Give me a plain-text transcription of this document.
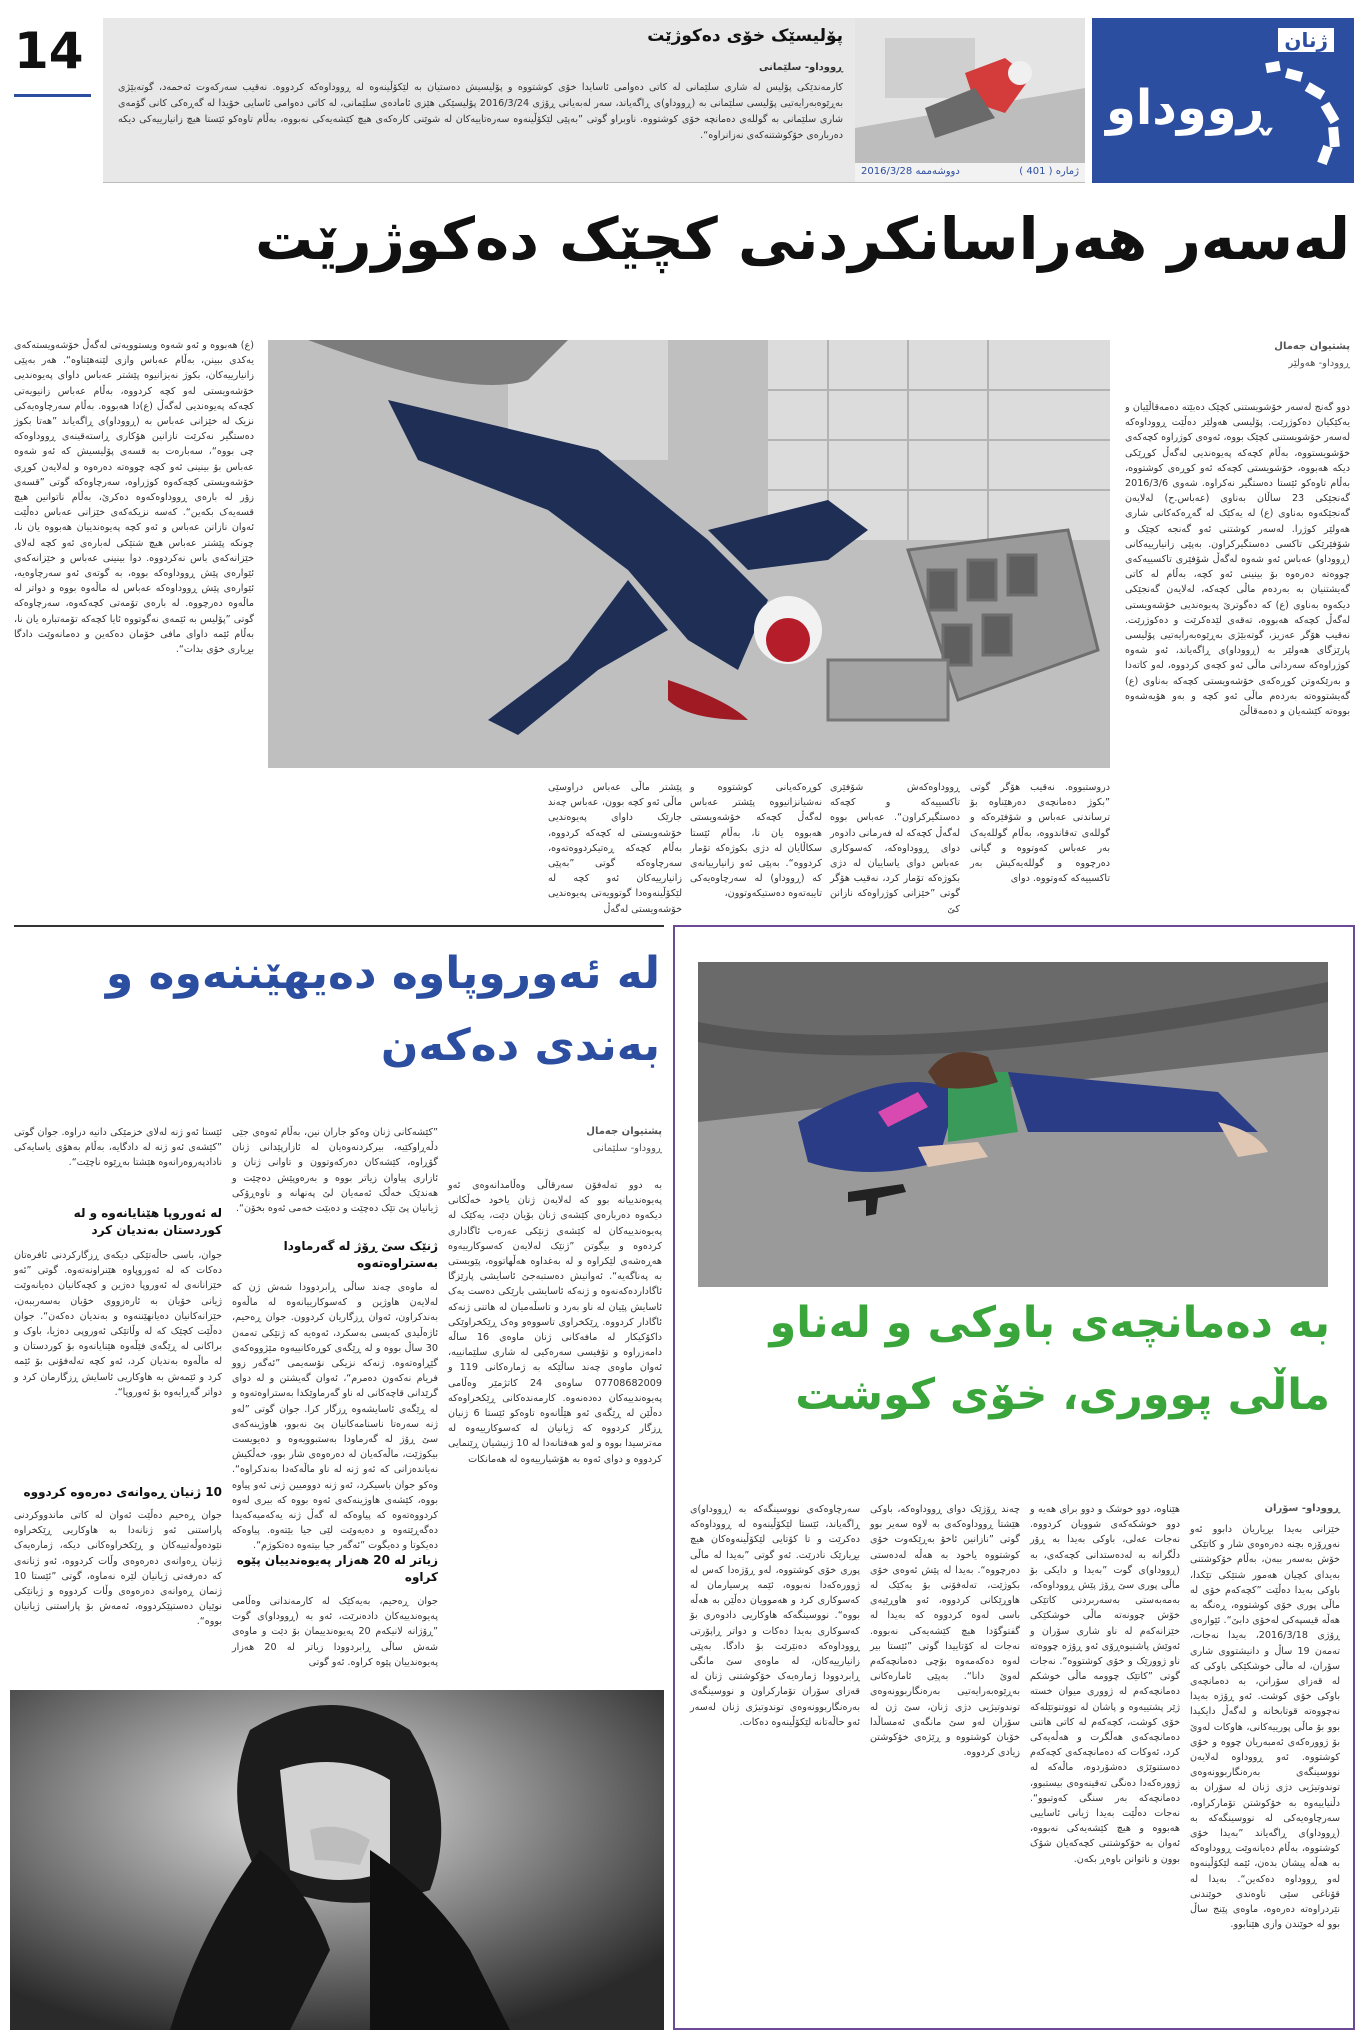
14	پۆلیسێک خۆی دەکوژێت
ڕووداو- سلێمانی
کارمەندێکی پۆلیس لە شاری سلێمانی لە کاتی دەوامی ئاسایدا خۆی کوشتووە و پۆلیسیش دەستیان بە لێکۆڵینەوە لە ڕووداوەکە کردووە. نەقیب سەرکەوت ئەحمەد، گوتەبێژی بەڕێوەبەرایەتیی پۆلیسی سلێمانی بە (ڕووداو)ی ڕاگەیاند، سەر لەبەیانی ڕۆژی 2016/3/24 پۆلیسێکی هێزی ئامادەی سلێمانی، لە کاتی دەوامی ئاسایی خۆیدا لە گەڕەکی کانی گۆمەی شاری سلێمانی بە گوللەی دەمانچە خۆی کوشتووە. ناوبراو گوتی ”بەپێی لێکۆڵینەوە سەرەتاییەکان لە شوێنی کارەکەی هیچ کێشەیەکی نەبووە، بەڵام تاوەکو ئێستا هیچ زانیارییەکی دیکە دەربارەی خۆکوشتنەکەی نەزانراوە“.
دووشەممە 2016/3/28	ژمارە ( 401 )
ژنان
ڕووداو
لەسەر هەراسانکردنی کچێک دەکوژرێت
پشتیوان جەمال
ڕووداو- هەولێر
دوو گەنج لەسەر خۆشویستنی کچێک دەبێتە دەمەقاڵێیان و یەکێکیان دەکوژرێت. پۆلیسی هەولێر دەڵێت ڕووداوەکە لەسەر خۆشویستنی کچێک بووە، ئەوەی کوژراوە کچەکەی خۆشویستووە، بەڵام کچەکە پەیوەندیی لەگەڵ کوڕێکی دیکە هەبووە، خۆشویستی کچەکە ئەو کوڕەی کوشتووە، بەڵام تاوەکو ئێستا دەستگیر نەکراوە. شەوی 2016/3/6 گەنجێکی 23 ساڵان بەناوی (عەباس.ح) لەلایەن گەنجێکەوە بەناوی (ع) لە یەکێک لە گەڕەکەکانی شاری هەولێر کوژرا. لەسەر کوشتنی ئەو گەنجە کچێک و شۆفێرێکی تاکسی دەستگیرکراون. بەپێی زانیارییەکانی (ڕووداو) عەباس ئەو شەوە لەگەڵ شۆفێری تاکسییەکەی چووەتە دەرەوە بۆ بینینی ئەو کچە، بەڵام لە کاتی گەیشتنیان بە بەردەم ماڵی کچەکە، لەلایەن گەنجێکی دیکەوە بەناوی (ع) کە دەگوترێ پەیوەندیی خۆشەویستی لەگەڵ کچەکە هەبووە، تەقەی لێدەکرێت و دەکوژرێت. نەقیب هۆگر عەزیز، گوتەبێژی بەڕێوەبەرایەتیی پۆلیسی پارێزگای هەولێر بە (ڕووداو)ی ڕاگەیاند، ئەو شەوە کوژراوەکە سەردانی ماڵی ئەو کچەی کردووە، لەو کاتەدا و بەرێکەوتن کوڕەکەی خۆشەویستی کچەکە بەناوی (ع) گەیشتووەتە بەردەم ماڵی ئەو کچە و بەو هۆیەشەوە بووەتە کێشەیان و دەمەقاڵێ
دروستبووە. نەقیب هۆگر گوتی ”بکوژ دەمانچەی دەرهێناوە بۆ ترساندنی عەباس و شۆفێرەکە و گوللەی تەقاندووە، بەڵام گوللەیەک بەر عەباس کەوتووە و گیانی دەرچووە و گوللەیەکیش بەر تاکسییەکە کەوتووە. دوای
ڕووداوەکەش شۆفێری تاکسییەکە و کچەکە دەستگیرکراون“. عەباس بووە لەگەڵ کچەکە لە فەرمانی دادوەر دوای ڕووداوەکە، کەسوکاری عەباس دوای یاساییان لە دژی بکوژەکە تۆمار کرد، نەقیب هۆگر گوتی ”خێزانی کوژراوەکە نازانن کێ
کوڕەکەیانی کوشتووە و نەشیانزانیووە پێشتر عەباس لەگەڵ کچەکە خۆشەویستی هەبووە یان نا، بەڵام ئێستا سکاڵایان لە دژی بکوژەکە تۆمار کردووە“. بەپێی ئەو زانیارییانەی کە (ڕووداو) لە سەرچاوەیەکی تایبەتەوە دەستیکەوتوون،
پێشتر ماڵی عەباس دراوسێی ماڵی ئەو کچە بوون، عەباس چەند جارێک داوای پەیوەندیی خۆشەویستی لە کچەکە کردووە، بەڵام کچەکە ڕەتیکردووەتەوە، سەرچاوەکە گوتی ”بەپێی زانیارییەکان ئەو کچە لە لێکۆڵینەوەدا گوتوویەتی پەیوەندیی خۆشەویستی لەگەڵ
(ع) هەبووە و ئەو شەوە ویستوویەتی لەگەڵ خۆشەویستەکەی یەکدی ببینن، بەڵام عەباس وازی لێنەهێناوە“. هەر بەپێی زانیارییەکان، بکوژ نەیزانیوە پێشتر عەباس داوای پەیوەندیی خۆشەویستی لەو کچە کردووە، بەڵام عەباس زانیویەتی کچەکە پەیوەندیی لەگەڵ (ع)دا هەبووە. بەڵام سەرچاوەیەکی نزیک لە خێزانی عەباس بە (ڕووداو)ی ڕاگەیاند ”هەتا بکوژ دەستگیر نەکرێت نازانین هۆکاری ڕاستەقینەی ڕووداوەکە چی بووە“، سەبارەت بە قسەی پۆلیسیش کە ئەو شەوە عەباس بۆ بینینی ئەو کچە چووەتە دەرەوە و لەلایەن کوڕی خۆشەویستی کچەکەوە کوژراوە، سەرچاوەکە گوتی ”قسەی زۆر لە بارەی ڕووداوەکەوە دەکرێ، بەڵام ناتوانین هیچ قسەیەک بکەین“. کەسە نزیکەکەی خێزانی عەباس دەڵێت ئەوان نازانن عەباس و ئەو کچە پەیوەندییان هەبووە یان نا، چونکە پێشتر عەباس هیچ شتێکی لەبارەی ئەو کچە لەلای خێزانەکەی باس نەکردووە. دوا بینینی عەباس و خێزانەکەی ئێوارەی پێش ڕووداوەکە بووە، بە گوتەی ئەو سەرچاوەیە، ئێوارەی پێش ڕووداوەکە عەباس لە ماڵەوە بووە و دواتر لە ماڵەوە دەرچووە. لە بارەی تۆمەتی کچەکەوە، سەرچاوەکە گوتی ”پۆلیس بە ئێمەی نەگوتووە ئایا کچەکە تۆمەتبارە یان نا، بەڵام ئێمە داوای مافی خۆمان دەکەین و دەمانەوێت دادگا بڕیاری خۆی بدات“.
لە ئەوروپاوە دەیهێننەوە و
بەندی دەکەن
پشتیوان جەمال
ڕووداو- سلێمانی
بە دوو تەلەفۆن سەرقاڵی وەڵامدانەوەی ئەو پەیوەندییانە بوو کە لەلایەن ژنان یاخود خەڵکانی دیکەوە دەربارەی کێشەی ژنان بۆیان دێت، یەکێک لە پەیوەندییەکان لە کێشەی ژنێکی عەرەب ئاگاداری کردەوە و بیگوتن ”ژنێک لەلایەن کەسوکارییەوە هەڕەشەی لێکراوە و لە بەغداوە هەڵهاتووە، پێویستی بە پەناگەیە“. ئەوانیش دەستبەجێ ئاسایشی پارێزگا ئاگاداردەکەنەوە و ژنەکە ئاسایشی بارێکی دەست یەک ئاسایش پێیان لە ناو بەرد و تاسڵەمیان لە هاتنی ژنەکە ئاگادار کردووە. ڕێکخراوی تاسووەو وەک ڕێکخراوێکی داکۆکیکار لە مافەکانی ژنان ماوەی 16 ساڵە دامەزراوە و تۆفیسی سەرەکیی لە شاری سلێمانییە، ئەوان ماوەی چەند ساڵێکە بە ژمارەکانی 119 و 07708682009 ساوەی 24 کاتژمێر وەڵامی پەیوەندییەکان دەدەنەوە. کارمەندەکانی ڕێکخراوەکە دەڵێن لە ڕێگەی ئەو هێڵانەوە تاوەکو ئێستا 6 ژنیان ڕزگار کردووە کە ژیانیان لە کەسوکارییەوە لە مەترسیدا بووە و لەو هەفتانەدا لە 10 ژنیشیان ڕێنمایی کردووە و دوای ئەوە بە هۆشیارییەوە لە هەمانکات
”کێشەکانی ژنان وەکو جاران نین، بەڵام ئەوەی جێی دڵەڕاوکێیە، بیرکردنەوەیان لە ئازارپێدانی ژنان گۆڕاوە، کێشەکان دەرکەوتوون و تاوانی ژنان و ئازاری پیاوان زیاتر بووە و بەرەوپێش دەچێت و هەندێک خەڵک ئەمەیان لێ پەنهانە و ناوەڕۆکی ژیانیان پێ تێک دەچێت و دەبێت خەمی ئەوە بخۆن“.
ژنێک سێ ڕۆژ لە گەرماودا بەستراوەتەوە
لە ماوەی چەند ساڵی ڕابردوودا شەش ژن کە لەلایەن هاوژین و کەسوکارییانەوە لە ماڵەوە بەندکراون، ئەوان ڕزگاریان کردوون. جوان ڕەحیم، ئاژەڵیدی کەیسی بەسکرد، ئەوەیە کە ژنێکی تەمەن 30 ساڵ بووە و لە ڕێگەی کوڕەکانییەوە مێژووەکەی گێڕاوەتەوە. ژنەکە نزیکی نۆسەیمی ”ئەگەر زوو فریام نەکەون دەمرم“، ئەوان گەیشتن و لە دوای گرێدانی قاچەکانی لە ناو گەرماوێکدا بەستراوەتەوە و لە ڕێگەی ئاسایشەوە ڕزگار کرا. جوان گوتی ”لەو ژنە سەرەتا ناسنامەکانیان پێ نەبوو، هاوژینەکەی سێ ڕۆژ لە گەرماودا بەستبوویەوە و دەیویست بیکوژێت، ماڵەکەیان لە دەرەوەی شار بوو، خەڵکیش نەیاندەزانی کە ئەو ژنە لە ناو ماڵەکەدا بەندکراوە“. وەکو جوان باسیکرد، ئەو ژنە دوومیین ژنی ئەو پیاوە بووە، کێشەی هاوژینەکەی ئەوە بووە کە بیری لەوە کردووەتەوە کە پیاوەکە لە گەڵ ژنە یەکەمیەکەیدا دەگەڕێتەوە و دەیەوێت لێی جیا بێتەوە. پیاوەکە دەیکوتا و دەیگوت ”ئەگەر جیا بیتەوە دەتکوژم“.
ئێستا ئەو ژنە لەلای خزمێکی دانیە دراوە. جوان گوتی ”کێشەی ئەو ژنە لە دادگایە، بەڵام بەهۆی یاسایەکی نادادپەروەرانەوە هێشتا بەڕێوە ناچێت“.
لە ئەوروپا هێنایانەوە و لە کوردستان بەندیان کرد
جوان، باسی حاڵەتێکی دیکەی ڕزگارکردنی ئافرەتان دەکات کە لە ئەوروپاوە هێنراونەتەوە. گوتی ”ئەو خێزانانەی لە ئەوروپا دەژین و کچەکانیان دەیانەوێت ژیانی خۆیان بە ئارەزووی خۆیان بەسەرببەن، خێزانەکانیان دەیانهێننەوە و بەندیان دەکەن“. جوان دەڵێت کچێک کە لە وڵاتێکی ئەوروپی دەژیا، باوک و براکانی لە ڕێگەی فێڵەوە هێنایانەوە بۆ کوردستان و لە ماڵەوە بەندیان کرد، ئەو کچە تەلەفۆنی بۆ ئێمە کرد و ئێمەش بە هاوکاریی ئاسایش ڕزگارمان کرد و دواتر گەڕایەوە بۆ ئەوروپا“.
10 ژنیان ڕەوانەی دەرەوە کردووە
جوان ڕەحیم دەڵێت ئەوان لە کاتی ماندووکردنی پاراستنی ئەو ژنانەدا بە هاوکاریی ڕێکخراوە نێودەوڵەتییەکان و ڕێکخراوەکانی دیکە، ژمارەیەک ژنیان ڕەوانەی دەرەوەی وڵات کردووە، ئەو ژنانەی کە دەرفەتی ژیانیان لێرە نەماوە، گوتی ”ئێستا 10 ژنمان ڕەوانەی دەرەوەی وڵات کردووە و ژیانێکی نوێیان دەستپێکردووە، ئەمەش بۆ پاراستنی ژیانیان بووە“.
زیاتر لە 20 هەزار پەیوەندییان پێوە کراوە
جوان ڕەحیم، بەیەکێک لە کارمەندانی وەڵامی پەیوەندییەکان دادەنرێت، ئەو بە (ڕووداو)ی گوت ”ڕۆژانە لانیکەم 20 پەیوەندییمان بۆ دێت و ماوەی شەش ساڵی ڕابردوودا زیاتر لە 20 هەزار پەیوەندییان پێوە کراوە. ئەو گوتی
بە دەمانچەی باوکی و لەناو
ماڵی پووری، خۆی کوشت
ڕووداو- سۆران
خێزانی بەیدا بڕیاریان دابوو ئەو نەوڕۆزە بچنە دەرەوەی شار و کاتێکی خۆش بەسەر ببەن، بەڵام خۆکوشتنی بەیدای کچیان هەمور شتێکی تێکدا، باوکی بەیدا دەڵێت ”کچەکەم خۆی لە ماڵی پوری خۆی کوشتووە، ڕەنگە بە هەڵە قیسپەکی لەخۆی دابێ“. ئێوارەی ڕۆژی 2016/3/18، بەیدا نەجات، تەمەن 19 ساڵ و دانیشتووی شاری سۆران، لە ماڵی خوشکێکی باوکی کە لە قەزای سۆرانن، بە دەمانچەی باوکی خۆی کوشت. ئەو ڕۆژە بەیدا نەچووەتە قوتابخانە و لەگەڵ دایکیدا بوو بۆ ماڵی پورییەکانی، هاوکات لەوێ بۆ ژوورەکەی ئەمبەریان چووە و خۆی کوشتووە. ئەو ڕووداوە لەلایەن نووسینگەی بەرەنگاربوونەوەی توندوتیژیی دژی ژنان لە سۆران بە دڵنیاییەوە بە خۆکوشتن تۆمارکراوە، سەرچاوەیەکی لە نووسینگەکە بە (ڕووداو)ی ڕاگەیاند ”بەیدا خۆی کوشتووە، بەڵام دەیانەوێت ڕووداوەکە بە هەڵە پیشان بدەن، ئێمە لێکۆڵینەوە لەو ڕووداوە دەکەین“. بەیدا لە قۆناغی سێی ناوەندی خوێندنی نێردراوەتە دەرەوە، ماوەی پێنج ساڵ بوو لە خوێندن وازی هێنابوو.
هێناوە، دوو خوشک و دوو برای هەیە و دوو خوشکەکەی شوویان کردووە. نەجات عەلی، باوکی بەیدا بە ڕۆر دڵگرانە بە لەدەستدانی کچەکەی، بە (ڕووداو)ی گوت ”بەیدا و دایکی بۆ ماڵی پوری سێ ڕۆژ پێش ڕووداوەکە، بەمەبەستی بەسەربردنی کاتێکی خۆش چوونەتە ماڵی خوشکێکی خێزانەکەم لە ناو شاری سۆران و ئەوێش پاشنیوەڕۆی ئەو ڕۆژە چووەتە ناو ژوورێک و خۆی کوشتووە“. نەجات گوتی ”کاتێک چوومە ماڵی خوشکم دەمانچەکەم لە ژووری میوان خستە ژێر پشتییەوە و پاشان لە تووتنوتێلەکە خۆی کوشت، کچەکەم لە کاتی هاتنی دەمانچەکەی هەڵگرت و هەڵەیەکی کرد، ئەوکات کە دەمانچەکەی کچەکەم دەستنوێژی دەشۆردوە، ماڵەکە لە ژوورەکەدا دەنگی تەقینەوەی بیستبوو، دەمانچەکە بەر سنگی کەوتبوو“. نەجات دەڵێت بەیدا ژیانی ئاساییی هەبووە و هیچ کێشەیەکی نەبووە، ئەوان بە خۆکوشتنی کچەکەیان شۆک بوون و ناتوانن باوەڕ بکەن.
چەند ڕۆژێک دوای ڕووداوەکە، باوکی هێشتا ڕووداوەکەی بە لاوە سەیر بوو گوتی ”نازانین ئاخۆ بەڕێکەوت خۆی کوشتووە یاخود بە هەڵە لەدەستی دەرچووە“. بەیدا لە پێش ئەوەی خۆی بکوژێت، تەلەفۆنی بۆ یەکێک لە هاوڕێکانی کردووە، ئەو هاوڕێیەی باسی لەوە کردووە کە بەیدا لە گفتوگۆدا هیچ کێشەیەکی نەبووە. نەجات لە کۆتاییدا گوتی ”ئێستا بیر لەوە دەکەمەوە بۆچی دەمانچەکەم لەوێ دانا“. بەپێی ئامارەکانی بەڕێوەبەرایەتیی بەرەنگاربوونەوەی توندوتیژیی دژی ژنان، سێ ژن لە سۆران لەو سێ مانگەی ئەمساڵدا خۆیان کوشتووە و ڕێژەی خۆکوشتن زیادی کردووە.
سەرچاوەکەی نووسینگەکە بە (ڕووداو)ی ڕاگەیاند، ئێستا لێکۆڵینەوە لە ڕووداوەکە دەکرێت و تا کۆتایی لێکۆڵینەوەکان هیچ بڕیارێک نادرێت. ئەو گوتی ”بەیدا لە ماڵی پوری خۆی کوشتووە، لەو ڕۆژەدا کەس لە ژوورەکەدا نەبووە، ئێمە پرسیارمان لە کەسوکاری کرد و هەموویان دەڵێن بە هەڵە بووە“. نووسینگەکە هاوکاریی دادوەری بۆ کەسوکاری بەیدا دەکات و دواتر ڕاپۆرتی ڕووداوەکە دەنێرێت بۆ دادگا. بەپێی زانیارییەکان، لە ماوەی سێ مانگی ڕابردوودا ژمارەیەک خۆکوشتنی ژنان لە قەزای سۆران تۆمارکراون و نووسینگەی بەرەنگاربوونەوەی توندوتیژی ژنان لەسەر ئەو حاڵەتانە لێکۆڵینەوە دەکات.
